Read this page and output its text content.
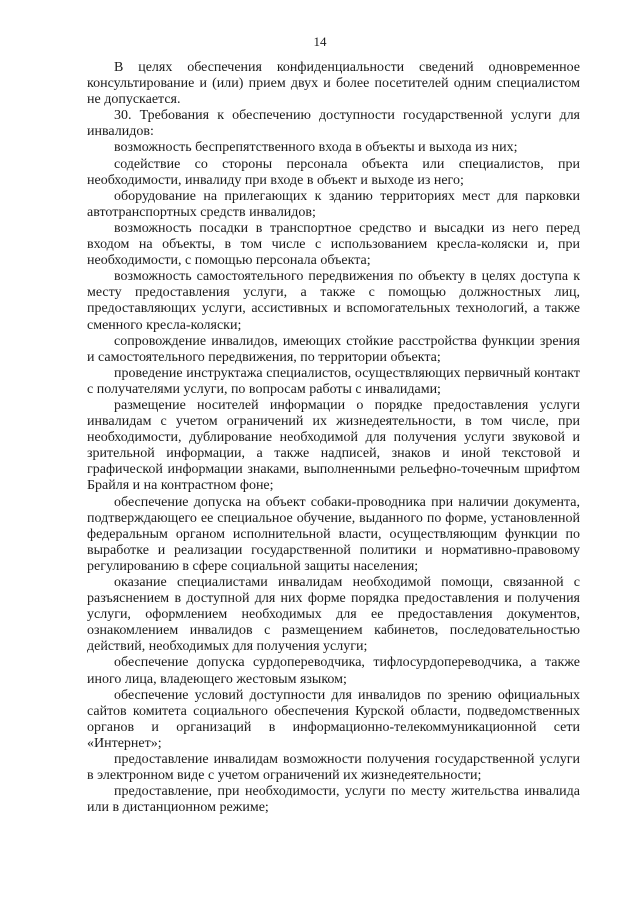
14

В целях обеспечения конфиденциальности сведений одновременное консультирование и (или) прием двух и более посетителей одним специалистом не допускается.

30. Требования к обеспечению доступности государственной услуги для инвалидов:

возможность беспрепятственного входа в объекты и выхода из них;

содействие со стороны персонала объекта или специалистов, при необходимости, инвалиду при входе в объект и выходе из него;

оборудование на прилегающих к зданию территориях мест для парковки автотранспортных средств инвалидов;

возможность посадки в транспортное средство и высадки из него перед входом на объекты, в том числе с использованием кресла-коляски и, при необходимости, с помощью персонала объекта;

возможность самостоятельного передвижения по объекту в целях доступа к месту предоставления услуги, а также с помощью должностных лиц, предоставляющих услуги, ассистивных и вспомогательных технологий, а также сменного кресла-коляски;

сопровождение инвалидов, имеющих стойкие расстройства функции зрения и самостоятельного передвижения, по территории объекта;

проведение инструктажа специалистов, осуществляющих первичный контакт с получателями услуги, по вопросам работы с инвалидами;

размещение носителей информации о порядке предоставления услуги инвалидам с учетом ограничений их жизнедеятельности, в том числе, при необходимости, дублирование необходимой для получения услуги звуковой и зрительной информации, а также надписей, знаков и иной текстовой и графической информации знаками, выполненными рельефно-точечным шрифтом Брайля и на контрастном фоне;

обеспечение допуска на объект собаки-проводника при наличии документа, подтверждающего ее специальное обучение, выданного по форме, установленной федеральным органом исполнительной власти, осуществляющим функции по выработке и реализации государственной политики и нормативно-правовому регулированию в сфере социальной защиты населения;

оказание специалистами инвалидам необходимой помощи, связанной с разъяснением в доступной для них форме порядка предоставления и получения услуги, оформлением необходимых для ее предоставления документов, ознакомлением инвалидов с размещением кабинетов, последовательностью действий, необходимых для получения услуги;

обеспечение допуска сурдопереводчика, тифлосурдопереводчика, а также иного лица, владеющего жестовым языком;

обеспечение условий доступности для инвалидов по зрению официальных сайтов комитета социального обеспечения Курской области, подведомственных органов и организаций в информационно-телекоммуникационной сети «Интернет»;

предоставление инвалидам возможности получения государственной услуги в электронном виде с учетом ограничений их жизнедеятельности;

предоставление, при необходимости, услуги по месту жительства инвалида или в дистанционном режиме;
